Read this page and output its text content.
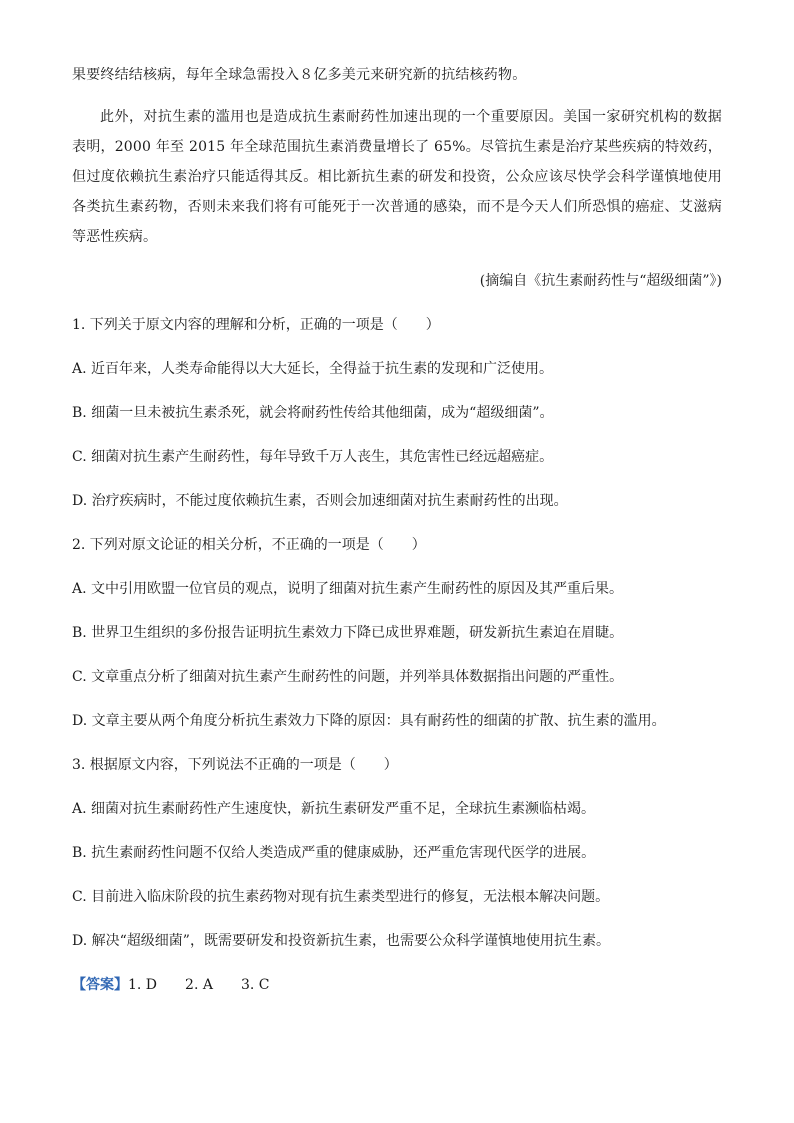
果要终结结核病，每年全球急需投入８亿多美元来研究新的抗结核药物。

此外，对抗生素的滥用也是造成抗生素耐药性加速出现的一个重要原因。美国一家研究机构的数据表明，2000 年至 2015 年全球范围抗生素消费量增长了 65%。尽管抗生素是治疗某些疾病的特效药，但过度依赖抗生素治疗只能适得其反。相比新抗生素的研发和投资，公众应该尽快学会科学谨慎地使用各类抗生素药物，否则未来我们将有可能死于一次普通的感染，而不是今天人们所恐惧的癌症、艾滋病等恶性疾病。

(摘编自《抗生素耐药性与“超级细菌”》)
1. 下列关于原文内容的理解和分析，正确的一项是（　　）
A. 近百年来，人类寿命能得以大大延长，全得益于抗生素的发现和广泛使用。
B. 细菌一旦未被抗生素杀死，就会将耐药性传给其他细菌，成为“超级细菌”。
C. 细菌对抗生素产生耐药性，每年导致千万人丧生，其危害性已经远超癌症。
D. 治疗疾病时，不能过度依赖抗生素，否则会加速细菌对抗生素耐药性的出现。
2. 下列对原文论证的相关分析，不正确的一项是（　　）
A. 文中引用欧盟一位官员的观点，说明了细菌对抗生素产生耐药性的原因及其严重后果。
B. 世界卫生组织的多份报告证明抗生素效力下降已成世界难题，研发新抗生素迫在眉睫。
C. 文章重点分析了细菌对抗生素产生耐药性的问题，并列举具体数据指出问题的严重性。
D. 文章主要从两个角度分析抗生素效力下降的原因：具有耐药性的细菌的扩散、抗生素的滥用。
3. 根据原文内容，下列说法不正确的一项是（　　）
A. 细菌对抗生素耐药性产生速度快，新抗生素研发严重不足，全球抗生素濒临枯竭。
B. 抗生素耐药性问题不仅给人类造成严重的健康威胁，还严重危害现代医学的进展。
C. 目前进入临床阶段的抗生素药物对现有抗生素类型进行的修复，无法根本解决问题。
D. 解决“超级细菌”，既需要研发和投资新抗生素，也需要公众科学谨慎地使用抗生素。
【答案】1. D　　2. A　　3. C
